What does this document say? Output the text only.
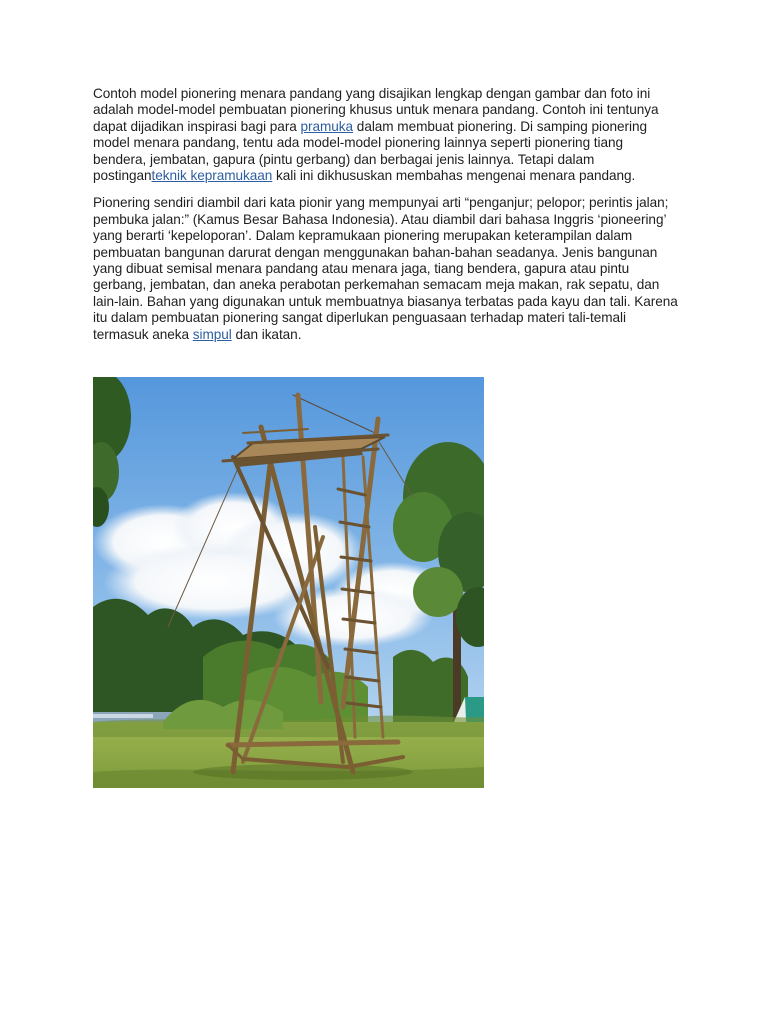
Contoh model pionering menara pandang yang disajikan lengkap dengan gambar dan foto ini adalah model-model pembuatan pionering khusus untuk menara pandang. Contoh ini tentunya dapat dijadikan inspirasi bagi para pramuka dalam membuat pionering. Di samping pionering model menara pandang, tentu ada model-model pionering lainnya seperti pionering tiang bendera, jembatan, gapura (pintu gerbang) dan berbagai jenis lainnya. Tetapi dalam postinganteknik kepramukaan kali ini dikhususkan membahas mengenai menara pandang.

Pionering sendiri diambil dari kata pionir yang mempunyai arti “penganjur; pelopor; perintis jalan; pembuka jalan:” (Kamus Besar Bahasa Indonesia). Atau diambil dari bahasa Inggris ‘pioneering’ yang berarti ‘kepeloporan’. Dalam kepramukaan pionering merupakan keterampilan dalam pembuatan bangunan darurat dengan menggunakan bahan-bahan seadanya. Jenis bangunan yang dibuat semisal menara pandang atau menara jaga, tiang bendera, gapura atau pintu gerbang, jembatan, dan aneka perabotan perkemahan semacam meja makan, rak sepatu, dan lain-lain. Bahan yang digunakan untuk membuatnya biasanya terbatas pada kayu dan tali. Karena itu dalam pembuatan pionering sangat diperlukan penguasaan terhadap materi tali-temali termasuk aneka simpul dan ikatan.
